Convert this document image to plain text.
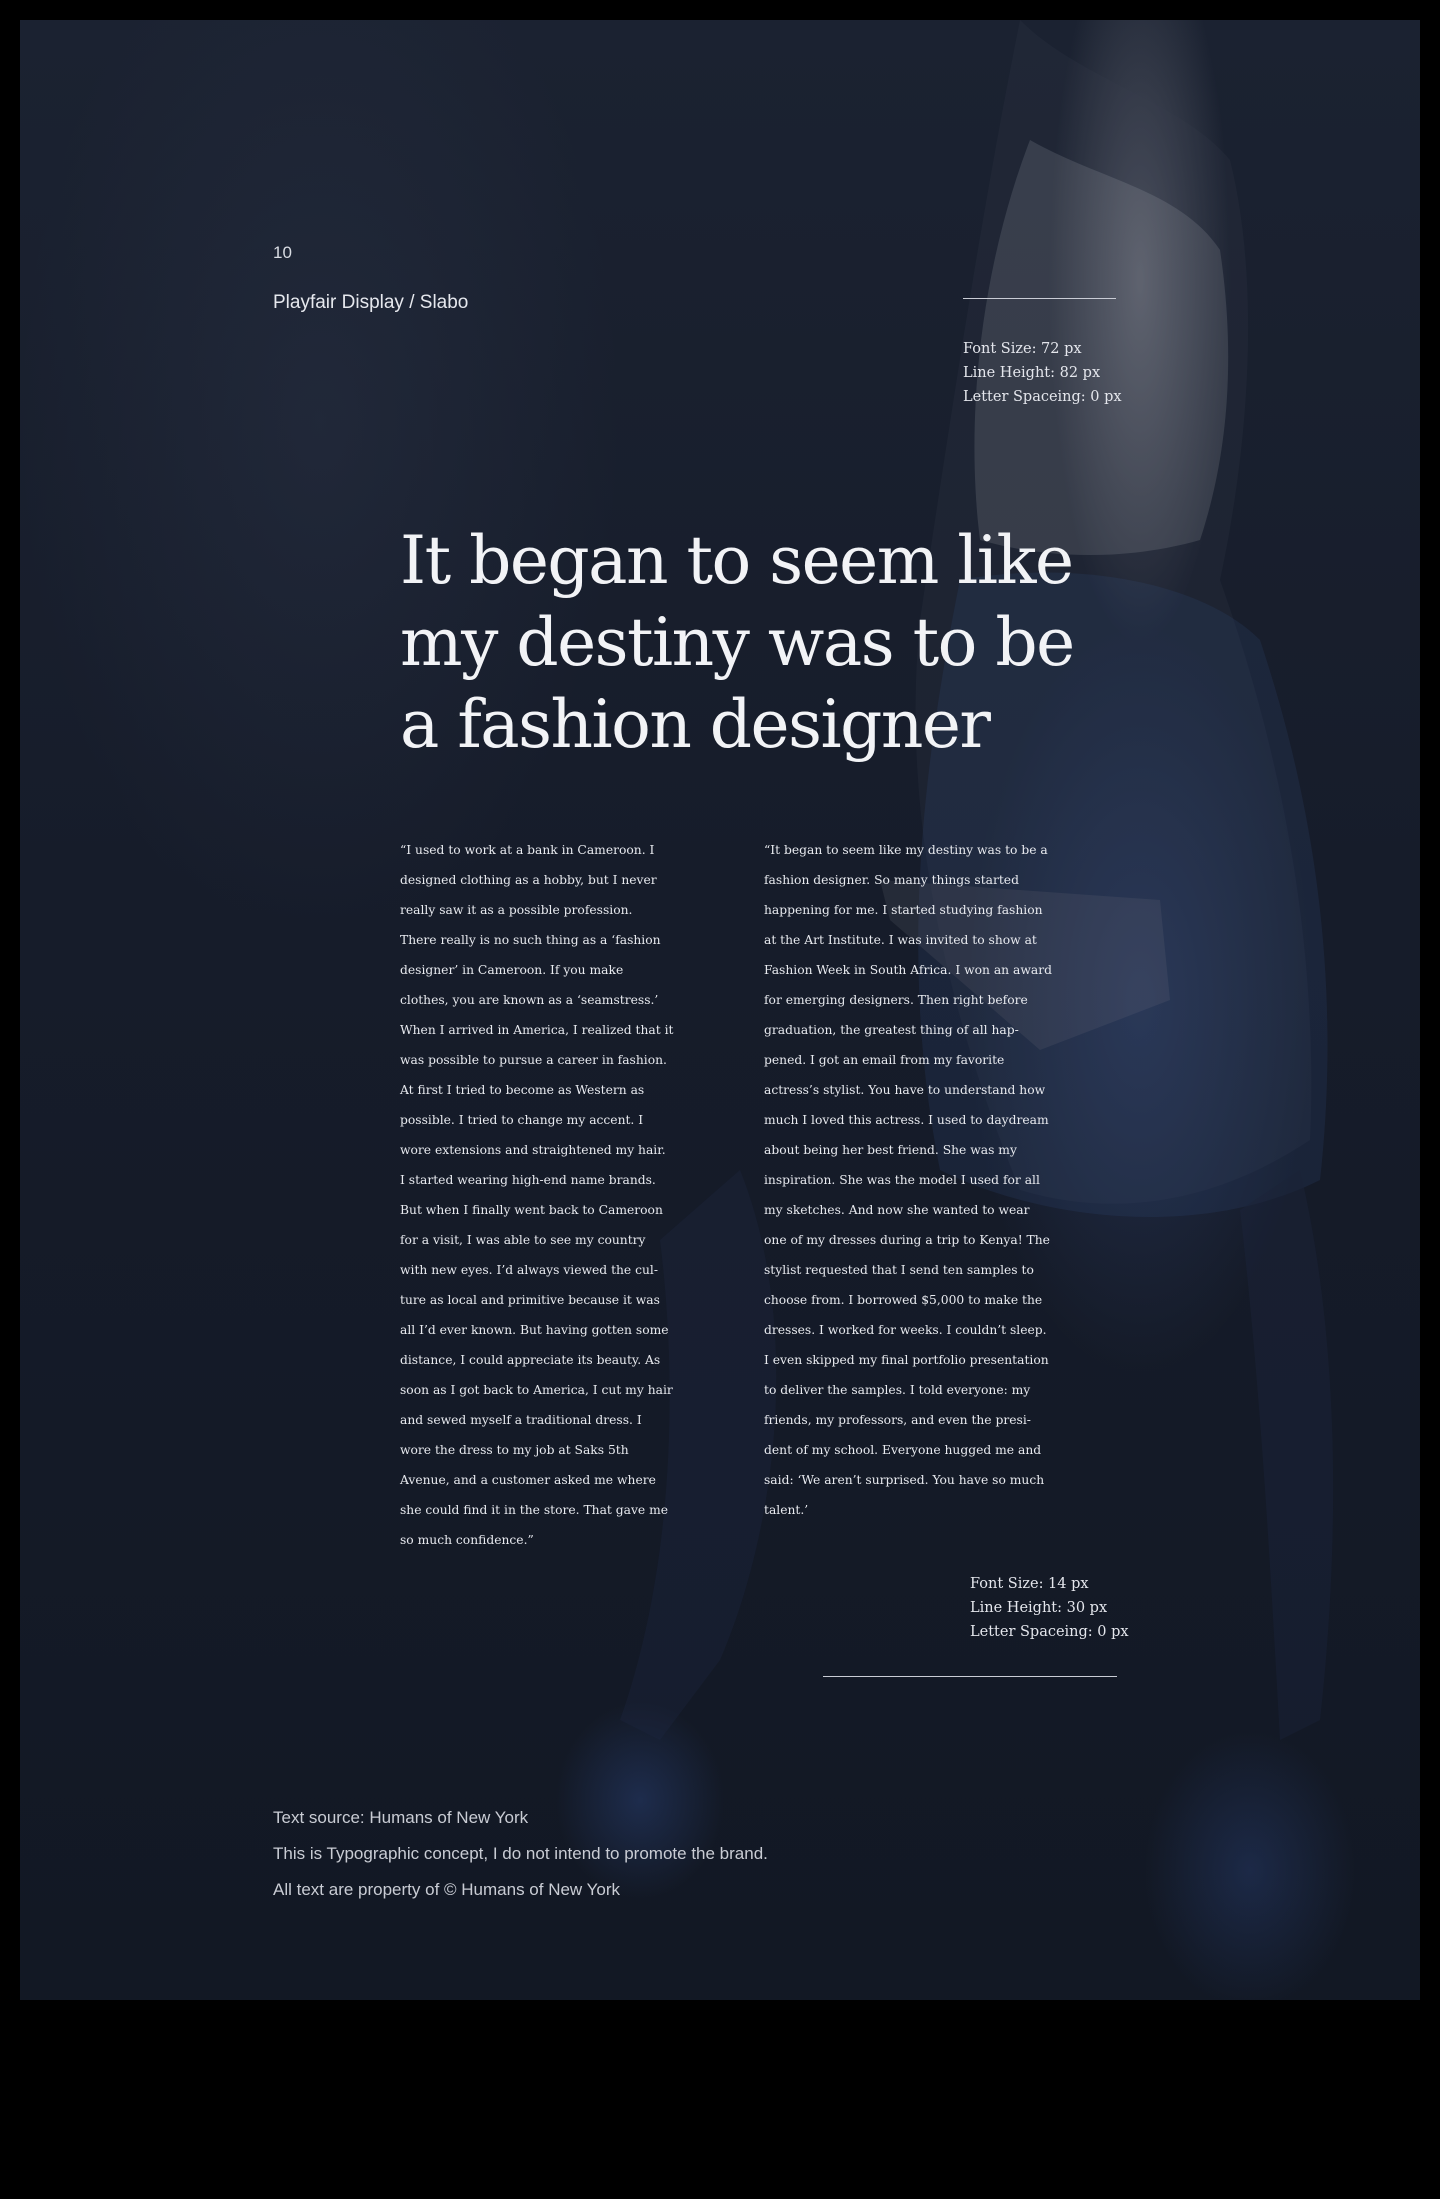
10

Playfair Display / Slabo

Font Size: 72 px
Line Height: 82 px
Letter Spaceing: 0 px
It began to seem like
my destiny was to be
a fashion designer
“I used to work at a bank in Cameroon. I
designed clothing as a hobby, but I never
really saw it as a possible profession.
There really is no such thing as a ‘fashion
designer’ in Cameroon. If you make
clothes, you are known as a ‘seamstress.’
When I arrived in America, I realized that it
was possible to pursue a career in fashion.
At first I tried to become as Western as
possible. I tried to change my accent. I
wore extensions and straightened my hair.
I started wearing high-end name brands.
But when I finally went back to Cameroon
for a visit, I was able to see my country
with new eyes. I’d always viewed the cul-
ture as local and primitive because it was
all I’d ever known. But having gotten some
distance, I could appreciate its beauty. As
soon as I got back to America, I cut my hair
and sewed myself a traditional dress. I
wore the dress to my job at Saks 5th
Avenue, and a customer asked me where
she could find it in the store. That gave me
so much confidence.”
“It began to seem like my destiny was to be a
fashion designer. So many things started
happening for me. I started studying fashion
at the Art Institute. I was invited to show at
Fashion Week in South Africa. I won an award
for emerging designers. Then right before
graduation, the greatest thing of all hap-
pened. I got an email from my favorite
actress’s stylist. You have to understand how
much I loved this actress. I used to daydream
about being her best friend. She was my
inspiration. She was the model I used for all
my sketches. And now she wanted to wear
one of my dresses during a trip to Kenya! The
stylist requested that I send ten samples to
choose from. I borrowed $5,000 to make the
dresses. I worked for weeks. I couldn’t sleep.
I even skipped my final portfolio presentation
to deliver the samples. I told everyone: my
friends, my professors, and even the presi-
dent of my school. Everyone hugged me and
said: ‘We aren’t surprised. You have so much
talent.’
Font Size: 14 px
Line Height: 30 px
Letter Spaceing: 0 px

Text source: Humans of New York

This is Typographic concept, I do not intend to promote the brand.

All text are property of © Humans of New York
